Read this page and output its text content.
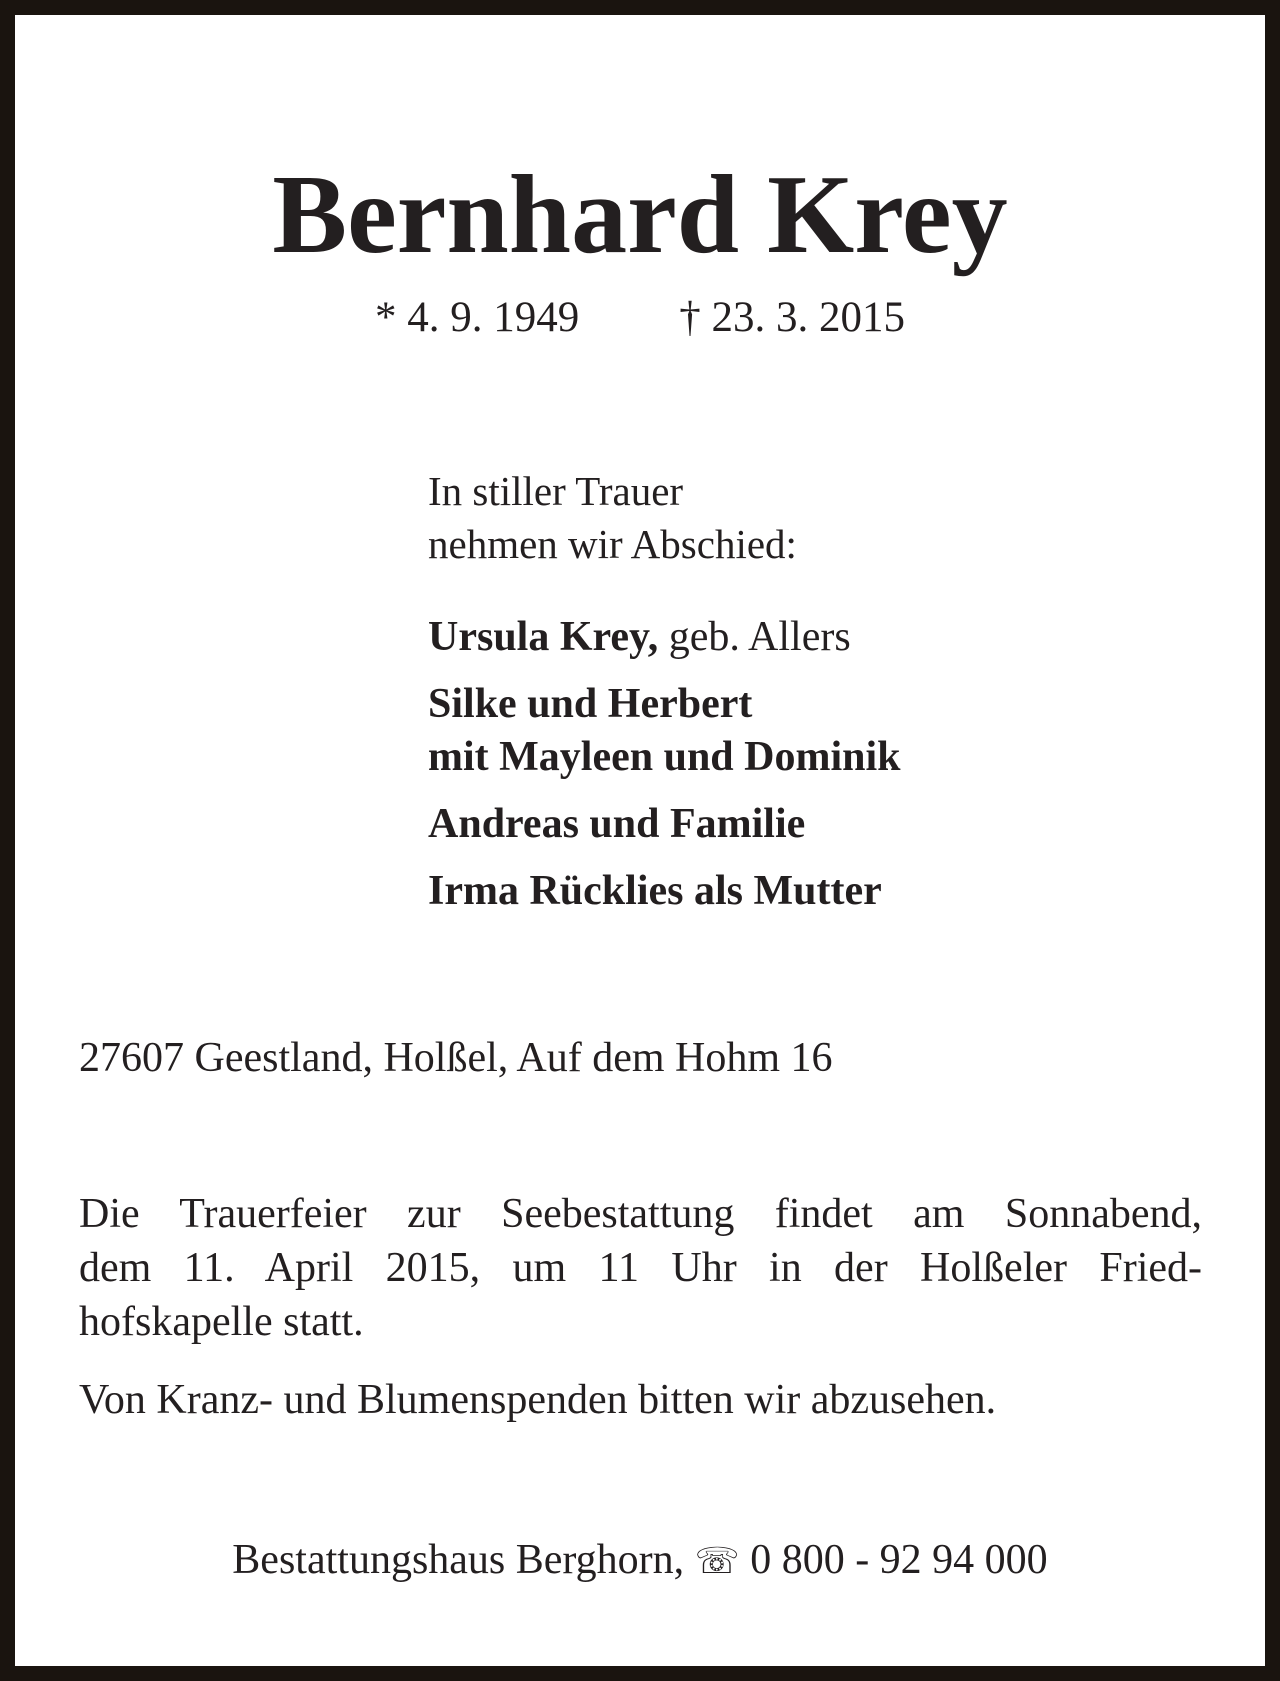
Bernhard Krey
* 4. 9. 1949 † 23. 3. 2015
In stiller Trauer
nehmen wir Abschied:
Ursula Krey, geb. Allers
Silke und Herbert
mit Mayleen und Dominik
Andreas und Familie
Irma Rücklies als Mutter
27607 Geestland, Holßel, Auf dem Hohm 16
Die Trauerfeier zur Seebestattung findet am Sonnabend,
dem 11. April 2015, um 11 Uhr in der Holßeler Fried-
hofskapelle statt.
Von Kranz- und Blumenspenden bitten wir abzusehen.
Bestattungshaus Berghorn, ☏ 0 800 - 92 94 000
